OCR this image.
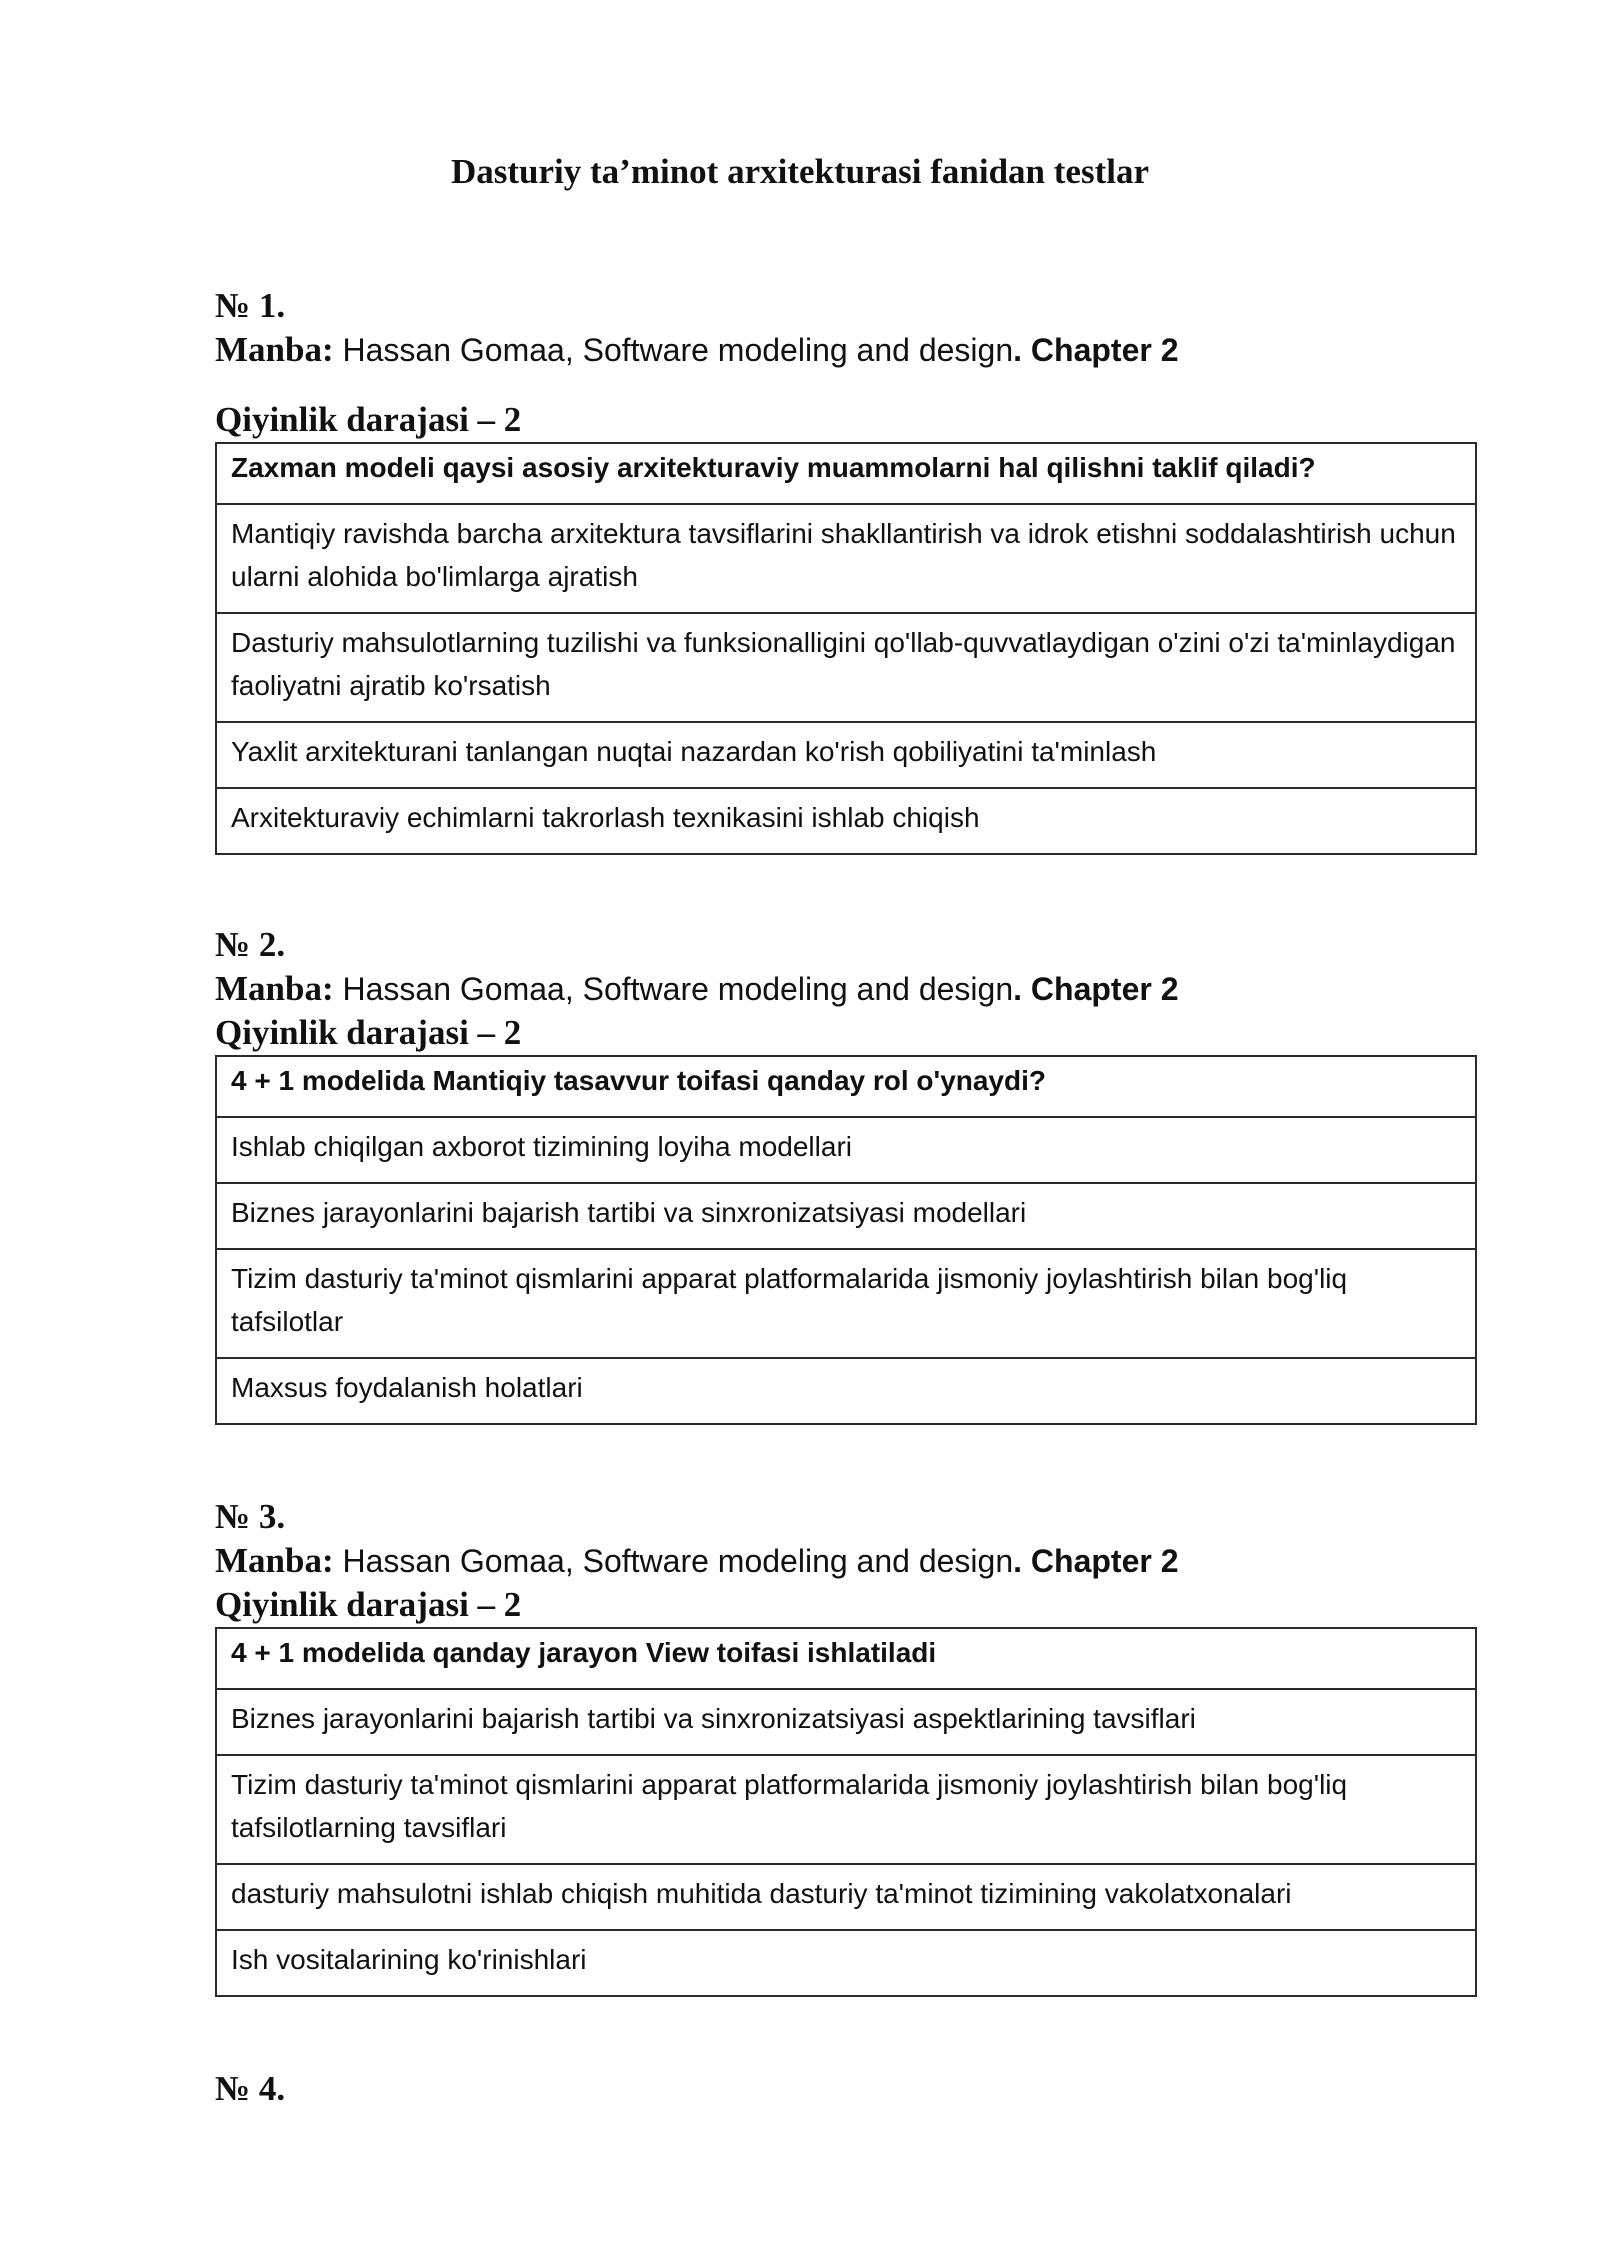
Dasturiy ta’minot arxitekturasi fanidan testlar
№ 1.
Manba: Hassan Gomaa, Software modeling and design. Chapter 2
Qiyinlik darajasi – 2
Zaxman modeli qaysi asosiy arxitekturaviy muammolarni hal qilishni taklif qiladi?
Mantiqiy ravishda barcha arxitektura tavsiflarini shakllantirish va idrok etishni soddalashtirish uchun ularni alohida bo'limlarga ajratish
Dasturiy mahsulotlarning tuzilishi va funksionalligini qo'llab-quvvatlaydigan o'zini o'zi ta'minlaydigan faoliyatni ajratib ko'rsatish
Yaxlit arxitekturani tanlangan nuqtai nazardan ko'rish qobiliyatini ta'minlash
Arxitekturaviy echimlarni takrorlash texnikasini ishlab chiqish
№ 2.
Manba: Hassan Gomaa, Software modeling and design. Chapter 2
Qiyinlik darajasi – 2
4 + 1 modelida Mantiqiy tasavvur toifasi qanday rol o'ynaydi?
Ishlab chiqilgan axborot tizimining loyiha modellari
Biznes jarayonlarini bajarish tartibi va sinxronizatsiyasi modellari
Tizim dasturiy ta'minot qismlarini apparat platformalarida jismoniy joylashtirish bilan bog'liq tafsilotlar
Maxsus foydalanish holatlari
№ 3.
Manba: Hassan Gomaa, Software modeling and design. Chapter 2
Qiyinlik darajasi – 2
4 + 1 modelida qanday jarayon View toifasi ishlatiladi
Biznes jarayonlarini bajarish tartibi va sinxronizatsiyasi aspektlarining tavsiflari
Tizim dasturiy ta'minot qismlarini apparat platformalarida jismoniy joylashtirish bilan bog'liq tafsilotlarning tavsiflari
dasturiy mahsulotni ishlab chiqish muhitida dasturiy ta'minot tizimining vakolatxonalari
Ish vositalarining ko'rinishlari
№ 4.
